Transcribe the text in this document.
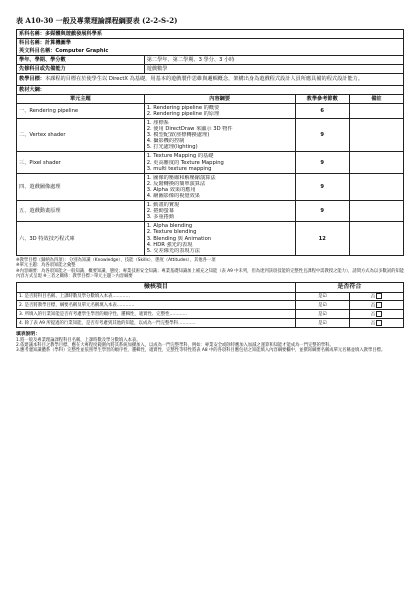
表 A10-30 一般及專業理論課程綱要表 (2-2-S-2)
系科名稱：多媒體與遊戲發展科學系			
科目名稱：計算機圖學			
英文科目名稱：Computer Graphic			
學年、學期、學分數	第二學年、第二學期、3 學分、3 小時		
先修科目或先備能力	遊戲數學		
教學目標：本課程的目標在於使學生以 DirectX 為基礎，用基本的遊戲製作思維與邏輯概念，架構出身為遊戲程式設計人員所應具備的程式設計能力。			
教材大綱：			
單元主題	內容綱要	教學參考節數	備註
一、Rendering pipeline	1. Rendering pipeline 的概要
2. Rendering pipeline 的原理	6	
二、Vertex shader	1. 座標系
2. 使用 DirectDraw 來顯示 3D 物件
3. 模型配置(座標轉換處理)
4. 攝影機的控制
5. 打光處理(lighting)	9	
三、Pixel shader	1. Texture Mapping 的基礎
2. 更高難度的 Texture Mapping
3. multi texture mapping	9	
四、遊戲圖像處理	1. 圖像的壓縮和解壓縮演算法
2. 反階轉換的簡單演算法
3. Alpha 效果的應用
4. 繪圖影像的視覺效果	9	
五、遊戲動畫原理	1. 動畫的實現
2. 捲動螢幕
3. 多重捲動	9	
六、3D 特效技巧程式庫	1. Alpha blending
2. Texture blending
3. Blending 與 Animation
4. HDR 強光的表現
5. 交差線光的表現方法	12	
※教學目標（歸納為四項）：分別為知識（Knowledge）、技能（Skills）、態度（Attitudes）、其他各一項
※單元主題：為各項知能之彙整
※內容綱要：為各項知能之一般知識、概要知識、態度；專業技術安全知識；專業基礎知識加上補充之知能（表 A9 中未列，但為達到該項技能的完整性且課程中需教授之能力），請問方式為以多數詞的知能內容方式呈現 ※三者之關係：教學目標＞單元主題＞內容綱要
檢核項目	是否符合	
1. 是否將科目名稱、上課時數及學分數填入本表…………	是☑	否
2. 是否將教學目標，綱要名稱及單元名稱填入本表…………	是☑	否
3. 所填入的行業知能是否有考慮學生學習的順序性、邏輯性，適實性、完整性…………	是☑	否
4. 除了表 A9 所提過的行業知能，是否有考慮到其他的知能，以成為一門完整學科…………	是☑	否
填表說明：
1.將一般及專業理論課程科目名稱，上課時數及學分數填入本表。
2.依建議本科目之教學目標，應在大專程度範圍內將其系統加擴加入，以成為一門完整學科，例如：專業安全或除特應加入加減之運算和知能才能成為一門完整的學科。
3.應考慮知識體系（學科）完整性並依照學生學習的順序性、邏輯性，適實性，完整性等特性將表 A8 中的各項科目應包括之知能填入內容綱要欄中，並撰寫綱要名稱成單元名稱並填入教學目標。
